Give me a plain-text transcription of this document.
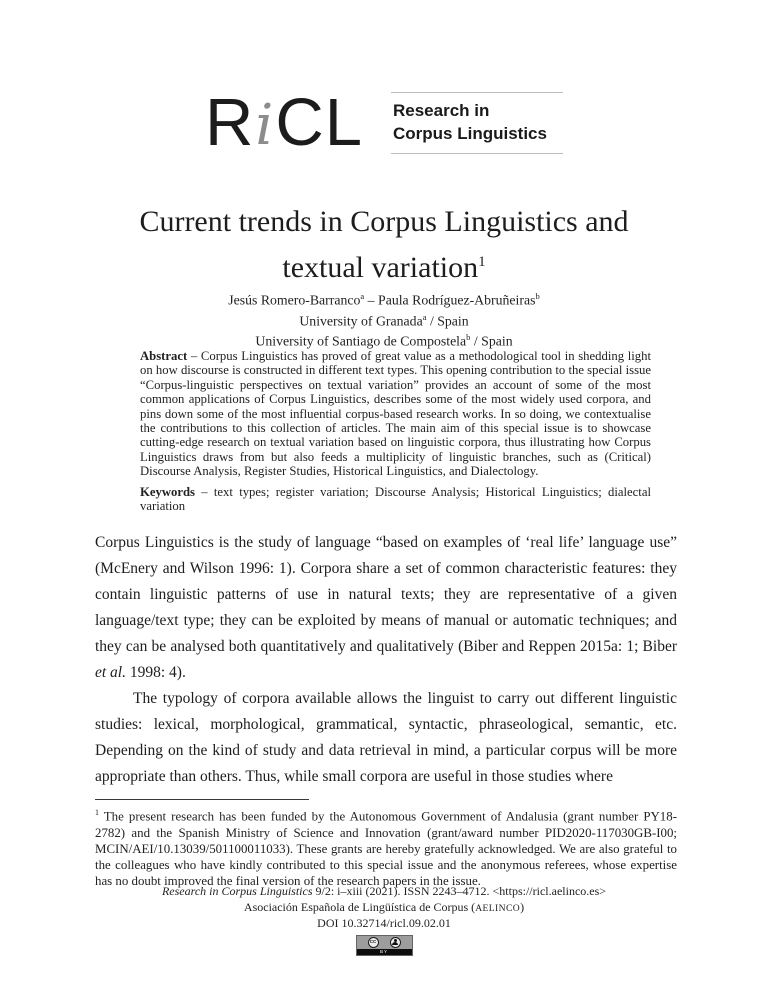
R i C L Research in
Corpus Linguistics
Current trends in Corpus Linguistics and
textual variation$^1$
Jesús Romero-Barranco$^a$ – Paula Rodríguez-Abruñeiras$^b$
University of Granada$^a$ / Spain
University of Santiago de Compostela$^b$ / Spain

Abstract – Corpus Linguistics has proved of great value as a methodological tool in shedding light on how discourse is constructed in different text types. This opening contribution to the special issue “Corpus-linguistic perspectives on textual variation” provides an account of some of the most common applications of Corpus Linguistics, describes some of the most widely used corpora, and pins down some of the most influential corpus-based research works. In so doing, we contextualise the contributions to this collection of articles. The main aim of this special issue is to showcase cutting-edge research on textual variation based on linguistic corpora, thus illustrating how Corpus Linguistics draws from but also feeds a multiplicity of linguistic branches, such as (Critical) Discourse Analysis, Register Studies, Historical Linguistics, and Dialectology.

Keywords – text types; register variation; Discourse Analysis; Historical Linguistics; dialectal variation

Corpus Linguistics is the study of language “based on examples of ‘real life’ language use” (McEnery and Wilson 1996: 1). Corpora share a set of common characteristic features: they contain linguistic patterns of use in natural texts; they are representative of a given language/text type; they can be exploited by means of manual or automatic techniques; and they can be analysed both quantitatively and qualitatively (Biber and Reppen 2015a: 1; Biber et al. 1998: 4).

The typology of corpora available allows the linguist to carry out different linguistic studies: lexical, morphological, grammatical, syntactic, phraseological, semantic, etc. Depending on the kind of study and data retrieval in mind, a particular corpus will be more appropriate than others. Thus, while small corpora are useful in those studies where

$^1$ The present research has been funded by the Autonomous Government of Andalusia (grant number PY18-2782) and the Spanish Ministry of Science and Innovation (grant/award number PID2020-117030GB-I00; MCIN/AEI/10.13039/501100011033). These grants are hereby gratefully acknowledged. We are also grateful to the colleagues who have kindly contributed to this special issue and the anonymous referees, whose expertise has no doubt improved the final version of the research papers in the issue.

Research in Corpus Linguistics 9/2: i–xiii (2021). ISSN 2243–4712. <https://ricl.aelinco.es>
Asociación Española de Lingüística de Corpus (AELINCO)
DOI 10.32714/ricl.09.02.01
CC
BY
